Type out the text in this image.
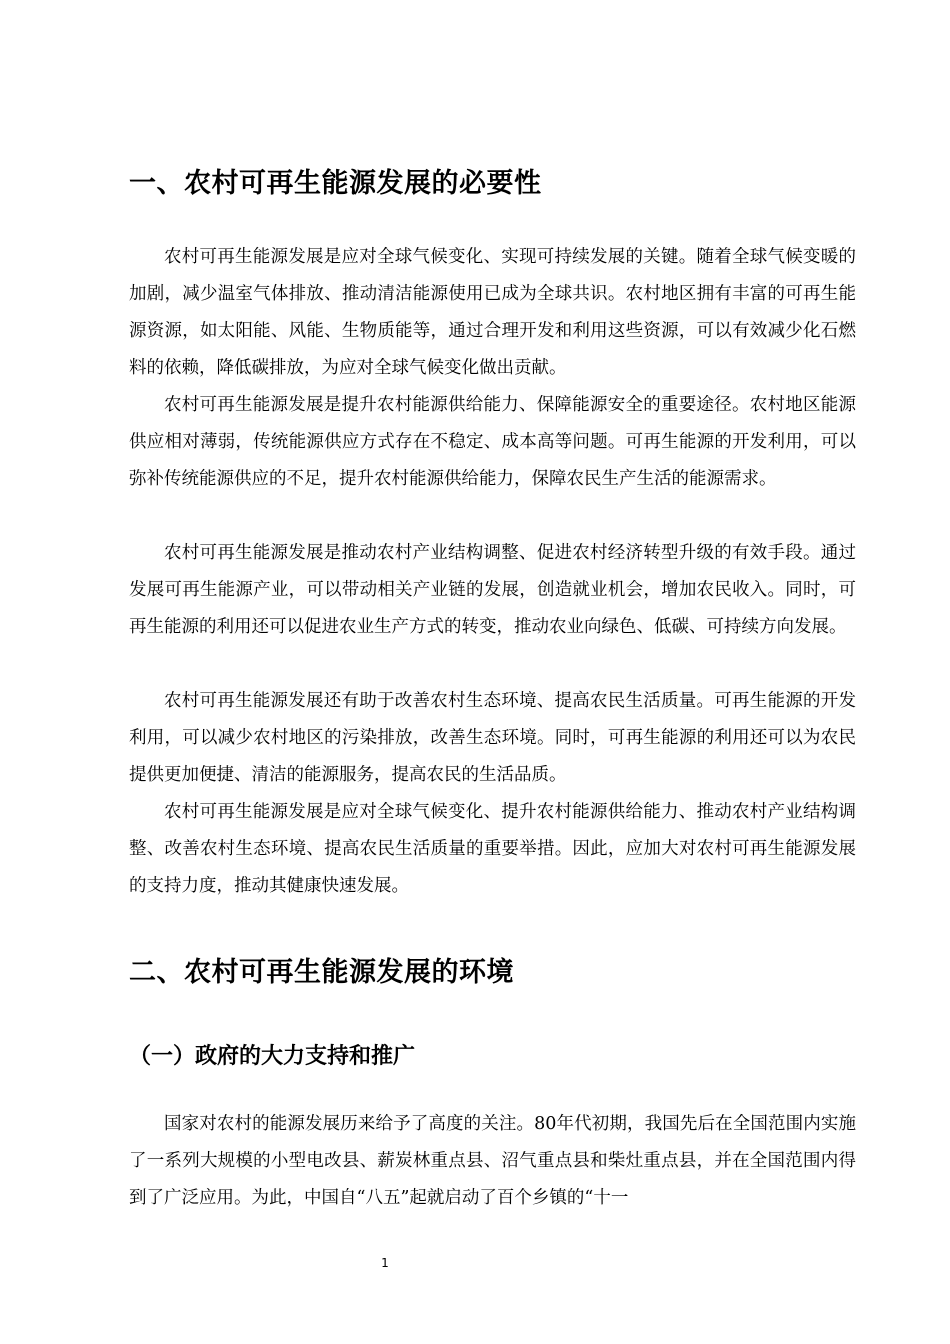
一、农村可再生能源发展的必要性

农村可再生能源发展是应对全球气候变化、实现可持续发展的关键。随着全球气候变暖的加剧，减少温室气体排放、推动清洁能源使用已成为全球共识。农村地区拥有丰富的可再生能源资源，如太阳能、风能、生物质能等，通过合理开发和利用这些资源，可以有效减少化石燃料的依赖，降低碳排放，为应对全球气候变化做出贡献。

农村可再生能源发展是提升农村能源供给能力、保障能源安全的重要途径。农村地区能源供应相对薄弱，传统能源供应方式存在不稳定、成本高等问题。可再生能源的开发利用，可以弥补传统能源供应的不足，提升农村能源供给能力，保障农民生产生活的能源需求。

农村可再生能源发展是推动农村产业结构调整、促进农村经济转型升级的有效手段。通过发展可再生能源产业，可以带动相关产业链的发展，创造就业机会，增加农民收入。同时，可再生能源的利用还可以促进农业生产方式的转变，推动农业向绿色、低碳、可持续方向发展。

农村可再生能源发展还有助于改善农村生态环境、提高农民生活质量。可再生能源的开发利用，可以减少农村地区的污染排放，改善生态环境。同时，可再生能源的利用还可以为农民提供更加便捷、清洁的能源服务，提高农民的生活品质。

农村可再生能源发展是应对全球气候变化、提升农村能源供给能力、推动农村产业结构调整、改善农村生态环境、提高农民生活质量的重要举措。因此，应加大对农村可再生能源发展的支持力度，推动其健康快速发展。

二、农村可再生能源发展的环境
（一）政府的大力支持和推广

国家对农村的能源发展历来给予了高度的关注。80年代初期，我国先后在全国范围内实施了一系列大规模的小型电改县、薪炭林重点县、沼气重点县和柴灶重点县，并在全国范围内得到了广泛应用。为此，中国自“八五”起就启动了百个乡镇的“十一

1
